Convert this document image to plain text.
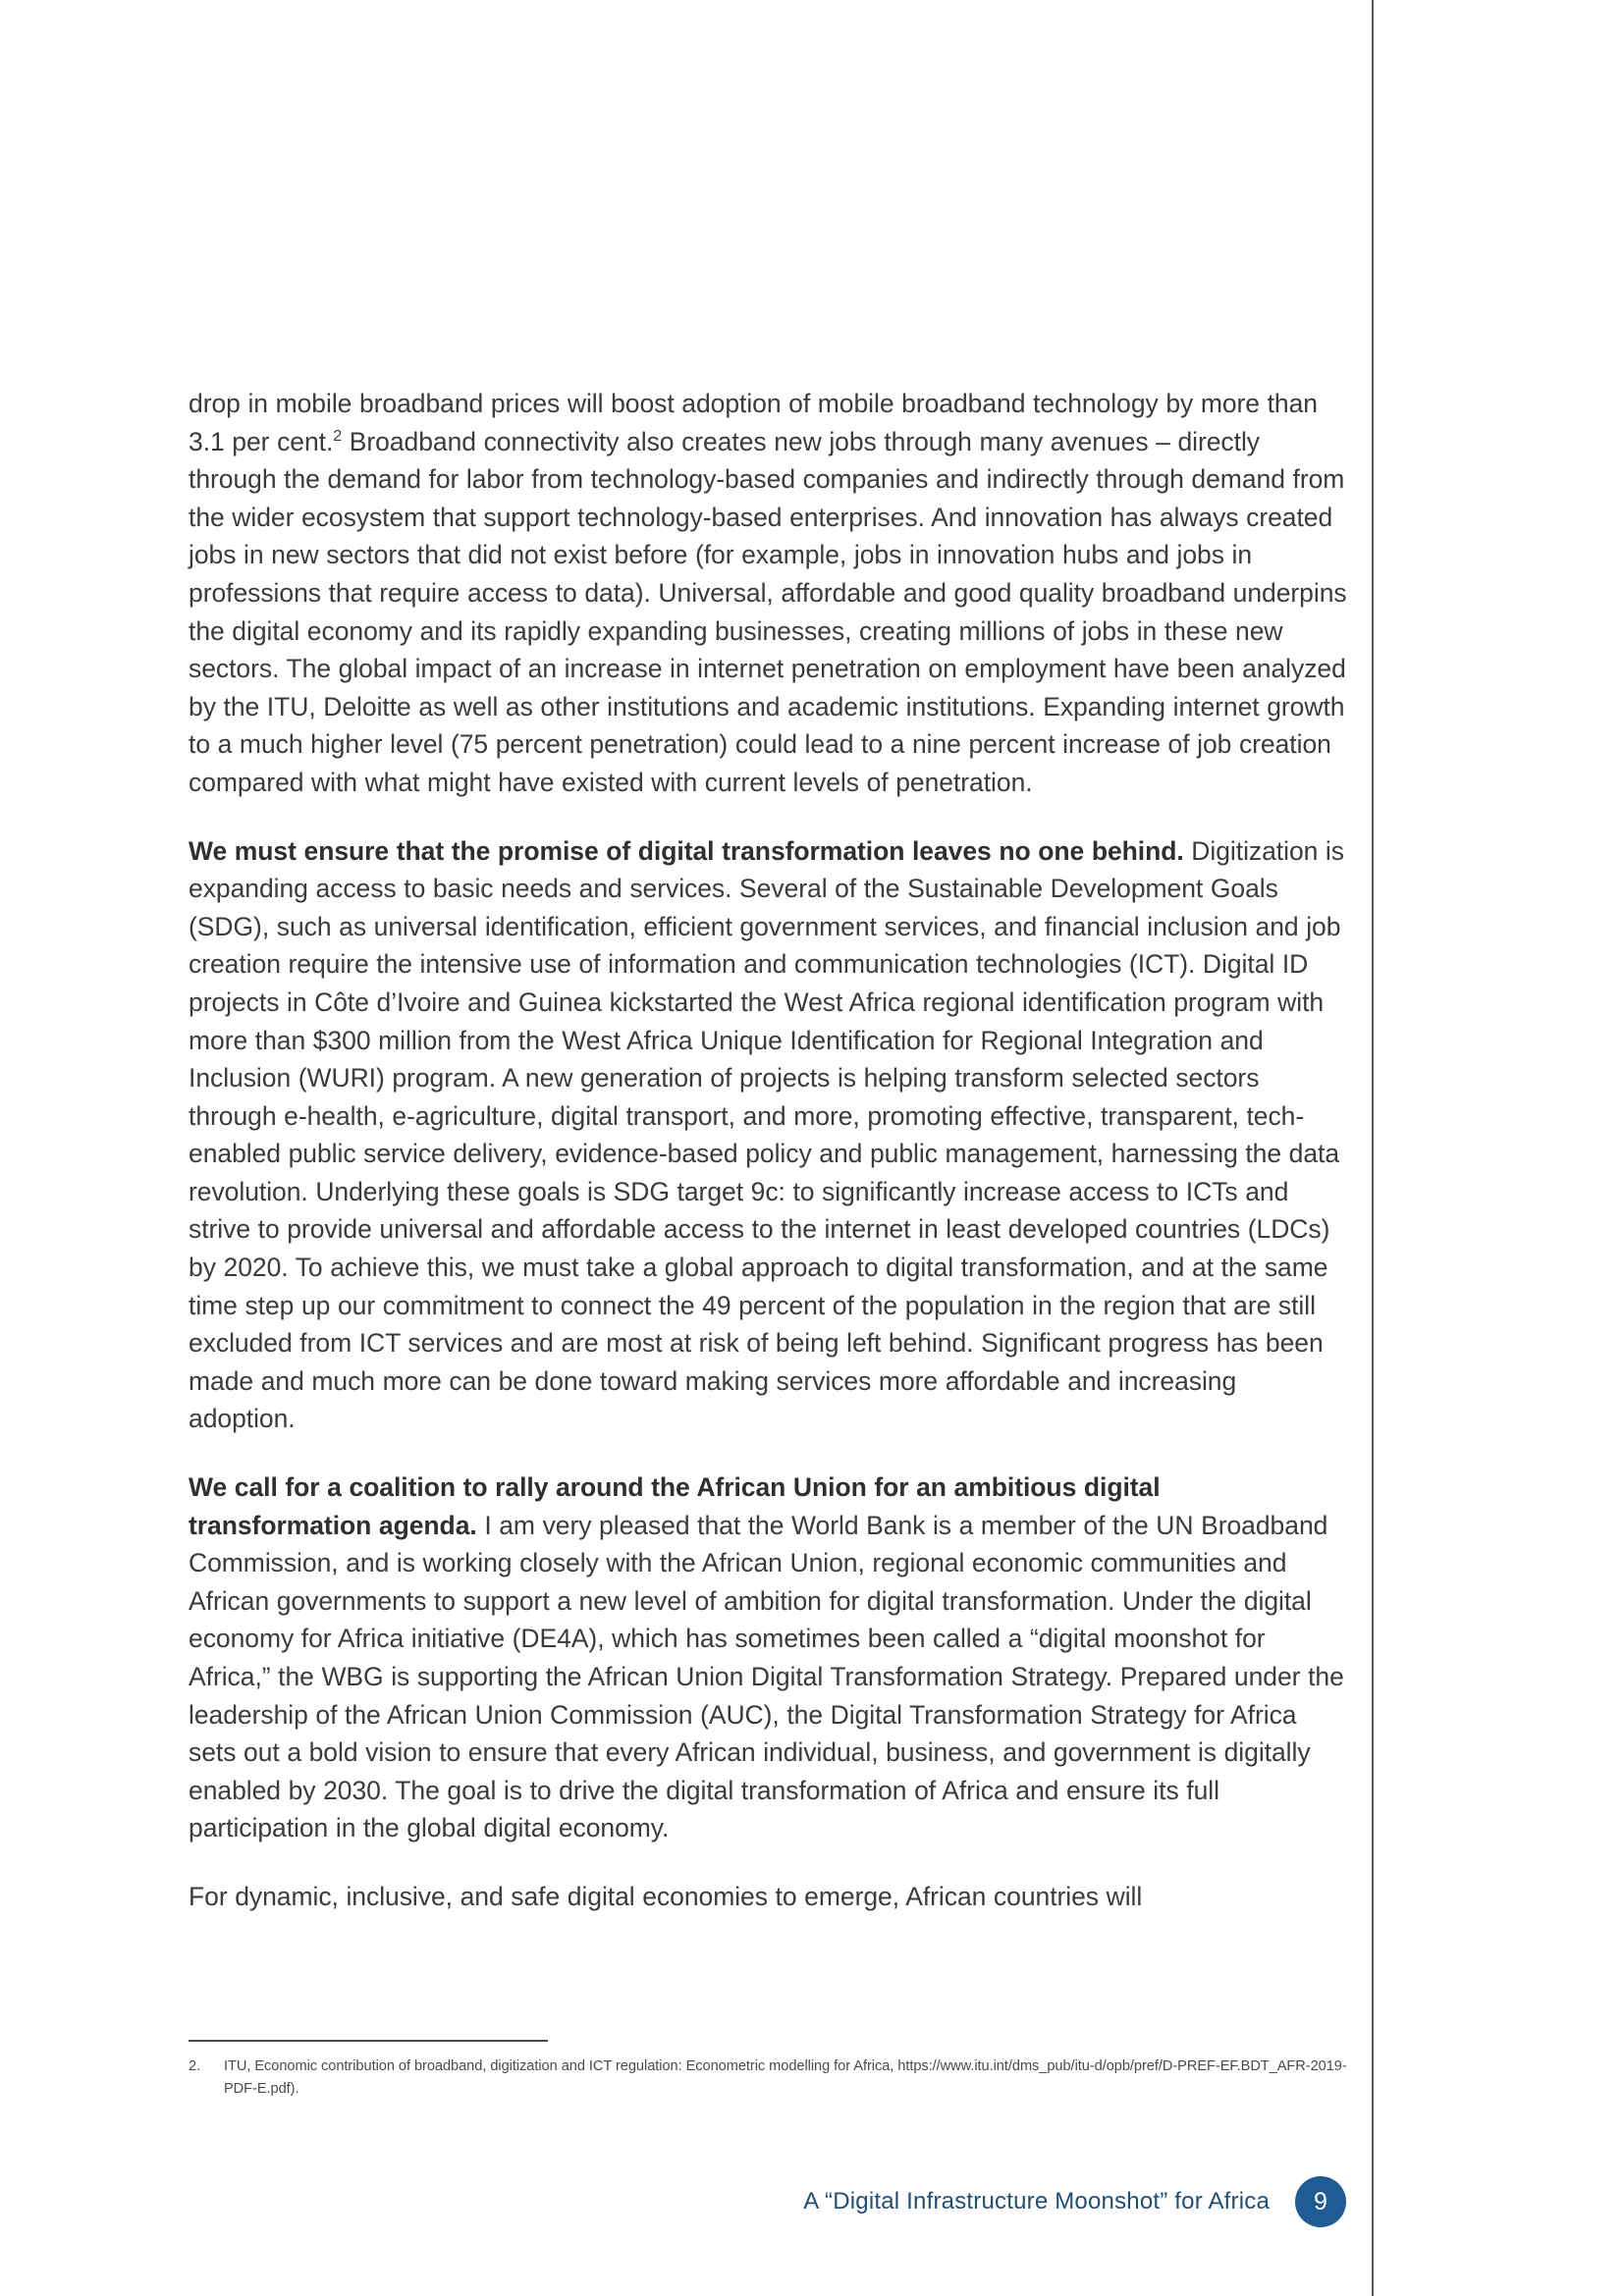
drop in mobile broadband prices will boost adoption of mobile broadband technology by more than 3.1 per cent.$^2$ Broadband connectivity also creates new jobs through many avenues – directly through the demand for labor from technology-based companies and indirectly through demand from the wider ecosystem that support technology-based enterprises. And innovation has always created jobs in new sectors that did not exist before (for example, jobs in innovation hubs and jobs in professions that require access to data). Universal, affordable and good quality broadband underpins the digital economy and its rapidly expanding businesses, creating millions of jobs in these new sectors. The global impact of an increase in internet penetration on employment have been analyzed by the ITU, Deloitte as well as other institutions and academic institutions. Expanding internet growth to a much higher level (75 percent penetration) could lead to a nine percent increase of job creation compared with what might have existed with current levels of penetration.

We must ensure that the promise of digital transformation leaves no one behind. Digitization is expanding access to basic needs and services. Several of the Sustainable Development Goals (SDG), such as universal identification, efficient government services, and financial inclusion and job creation require the intensive use of information and communication technologies (ICT). Digital ID projects in Côte d’Ivoire and Guinea kickstarted the West Africa regional identification program with more than $300 million from the West Africa Unique Identification for Regional Integration and Inclusion (WURI) program. A new generation of projects is helping transform selected sectors through e-health, e-agriculture, digital transport, and more, promoting effective, transparent, tech-enabled public service delivery, evidence-based policy and public management, harnessing the data revolution. Underlying these goals is SDG target 9c: to significantly increase access to ICTs and strive to provide universal and affordable access to the internet in least developed countries (LDCs) by 2020. To achieve this, we must take a global approach to digital transformation, and at the same time step up our commitment to connect the 49 percent of the population in the region that are still excluded from ICT services and are most at risk of being left behind. Significant progress has been made and much more can be done toward making services more affordable and increasing adoption.

We call for a coalition to rally around the African Union for an ambitious digital transformation agenda. I am very pleased that the World Bank is a member of the UN Broadband Commission, and is working closely with the African Union, regional economic communities and African governments to support a new level of ambition for digital transformation. Under the digital economy for Africa initiative (DE4A), which has sometimes been called a “digital moonshot for Africa,” the WBG is supporting the African Union Digital Transformation Strategy. Prepared under the leadership of the African Union Commission (AUC), the Digital Transformation Strategy for Africa sets out a bold vision to ensure that every African individual, business, and government is digitally enabled by 2030. The goal is to drive the digital transformation of Africa and ensure its full participation in the global digital economy.

For dynamic, inclusive, and safe digital economies to emerge, African countries will

2.	ITU, Economic contribution of broadband, digitization and ICT regulation: Econometric modelling for Africa, https://www.itu.int/dms_pub/itu-d/opb/pref/D-PREF-EF.BDT_AFR-2019-PDF-E.pdf).
A “Digital Infrastructure Moonshot” for Africa	9
